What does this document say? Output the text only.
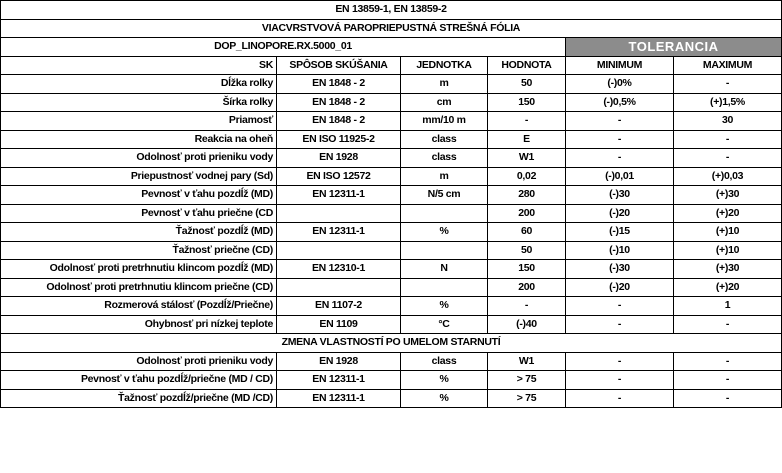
EN 13859-1, EN 13859-2					
VIACVRSTVOVÁ PAROPRIEPUSTNÁ STREŠNÁ FÓLIA					
DOP_LINOPORE.RX.5000_01				TOLERANCIA	
SK	SPÔSOB SKÚŠANIA	JEDNOTKA	HODNOTA	MINIMUM	MAXIMUM
Dĺžka rolky	EN 1848 - 2	m	50	(-)0%	-
Šírka rolky	EN 1848 - 2	cm	150	(-)0,5%	(+)1,5%
Priamosť	EN 1848 - 2	mm/10 m	-	-	30
Reakcia na oheň	EN ISO 11925-2	class	E	-	-
Odolnosť proti prieniku vody	EN 1928	class	W1	-	-
Priepustnosť vodnej pary (Sd)	EN ISO 12572	m	0,02	(-)0,01	(+)0,03
Pevnosť v ťahu pozdĺž (MD)	EN 12311-1	N/5 cm	280	(-)30	(+)30
Pevnosť v ťahu priečne (CD			200	(-)20	(+)20
Ťažnosť pozdĺž (MD)	EN 12311-1	%	60	(-)15	(+)10
Ťažnosť priečne (CD)			50	(-)10	(+)10
Odolnosť proti pretrhnutiu klincom pozdĺž (MD)	EN 12310-1	N	150	(-)30	(+)30
Odolnosť proti pretrhnutiu klincom priečne (CD)			200	(-)20	(+)20
Rozmerová stálosť (Pozdĺž/Priečne)	EN 1107-2	%	-	-	1
Ohybnosť pri nízkej teplote	EN 1109	°C	(-)40	-	-
ZMENA VLASTNOSTÍ PO UMELOM STARNUTÍ					
Odolnosť proti prieniku vody	EN 1928	class	W1	-	-
Pevnosť v ťahu pozdĺž/priečne (MD / CD)	EN 12311-1	%	> 75	-	-
Ťažnosť pozdĺž/priečne (MD /CD)	EN 12311-1	%	> 75	-	-
